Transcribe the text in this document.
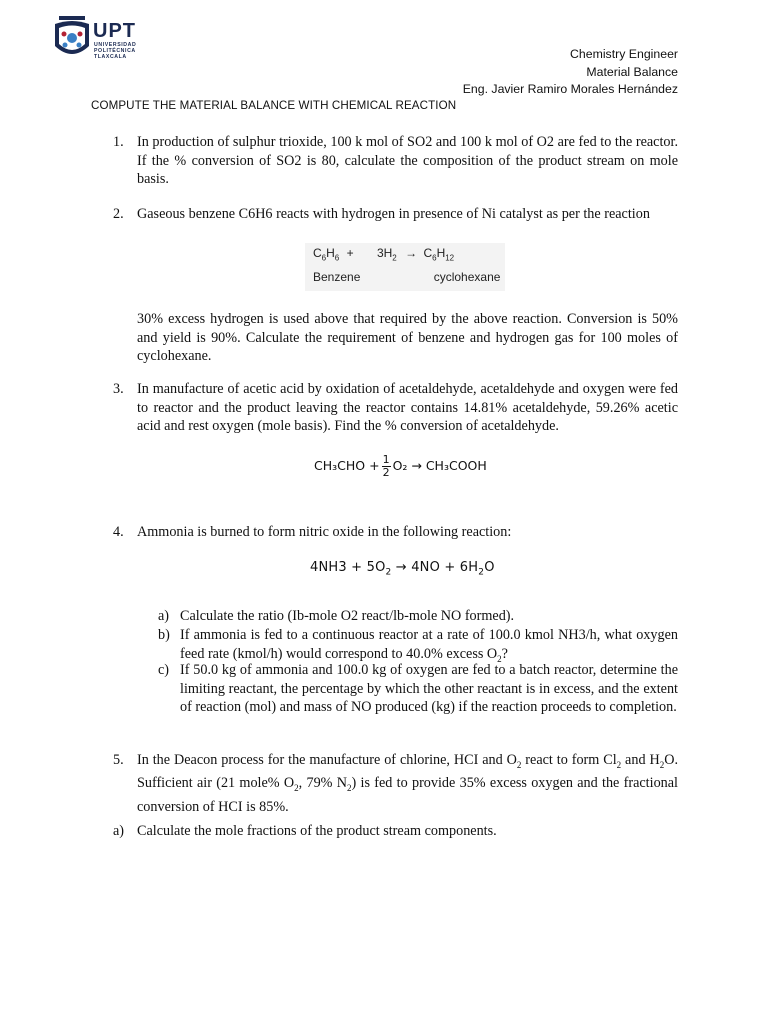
UPT
UNIVERSIDAD
POLITÉCNICA
TLAXCALA	Chemistry Engineer
Material Balance
Eng. Javier Ramiro Morales Hernández
COMPUTE THE MATERIAL BALANCE WITH CHEMICAL REACTION
1. In production of sulphur trioxide, 100 k mol of SO2 and 100 k mol of O2 are fed to the reactor. If the % conversion of SO2 is 80, calculate the composition of the product stream on mole basis.
2. Gaseous benzene C6H6 reacts with hydrogen in presence of Ni catalyst as per the reaction
$C_6H_6 + 3H_2 \to C_6H_{12}$
Benzene	cyclohexane
30% excess hydrogen is used above that required by the above reaction. Conversion is 50% and yield is 90%. Calculate the requirement of benzene and hydrogen gas for 100 moles of cyclohexane.
3. In manufacture of acetic acid by oxidation of acetaldehyde, acetaldehyde and oxygen were fed to reactor and the product leaving the reactor contains 14.81% acetaldehyde, 59.26% acetic acid and rest oxygen (mole basis). Find the % conversion of acetaldehyde.
$CH_3CHO + \frac{1}{2} O_2$ → CH₃COOH
4. Ammonia is burned to form nitric oxide in the following reaction:
$4NH3 + 5O_2 \to 4NO + 6H_2O$
a) Calculate the ratio (Ib-mole O2 react/lb-mole NO formed).
b) If ammonia is fed to a continuous reactor at a rate of 100.0 kmol NH3/h, what oxygen feed rate (kmol/h) would correspond to 40.0% excess $O_2$?
c) If 50.0 kg of ammonia and 100.0 kg of oxygen are fed to a batch reactor, determine the limiting reactant, the percentage by which the other reactant is in excess, and the extent of reaction (mol) and mass of NO produced (kg) if the reaction proceeds to completion.
5. In the Deacon process for the manufacture of chlorine, HCI and $O_2$ react to form $Cl_2$ and $H_2O$. Sufficient air (21 mole% $O_2$, 79% $N_2$) is fed to provide 35% excess oxygen and the fractional conversion of HCI is 85%.
a) Calculate the mole fractions of the product stream components.
